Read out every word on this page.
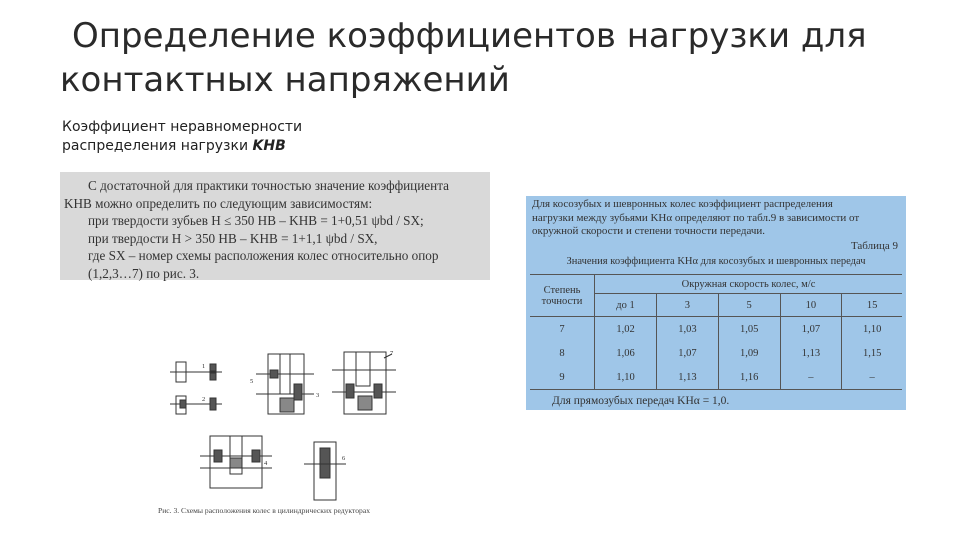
Определение коэффициентов нагрузки для
контактных напряжений
Коэффициент неравномерности
распределения нагрузки KHB
С достаточной для практики точностью значение коэффициента
KHB можно определить по следующим зависимостям:
при твердости зубьев H ≤ 350 HB – KHB = 1+0,51 ψbd / SX;
при твердости H > 350 HB – KHB = 1+1,1 ψbd / SX,
где SX – номер схемы расположения колес относительно опор
(1,2,3…7) по рис. 3.
Для косозубых и шевронных колес коэффициент распределения
нагрузки между зубьями KHα определяют по табл.9 в зависимости от
окружной скорости и степени точности передачи.
Таблица 9
Значения коэффициента KHα для косозубых и шевронных передач
Степень точности	Окружная скорость колес, м/с				
	до 1	3	5	10	15
7	1,02	1,03	1,05	1,07	1,10
8	1,06	1,07	1,09	1,13	1,15
9	1,10	1,13	1,16	–	–
Для прямозубых передач KHα = 1,0.
1
2
3
4
5
6
7
Рис. 3. Схемы расположения колес в цилиндрических редукторах
